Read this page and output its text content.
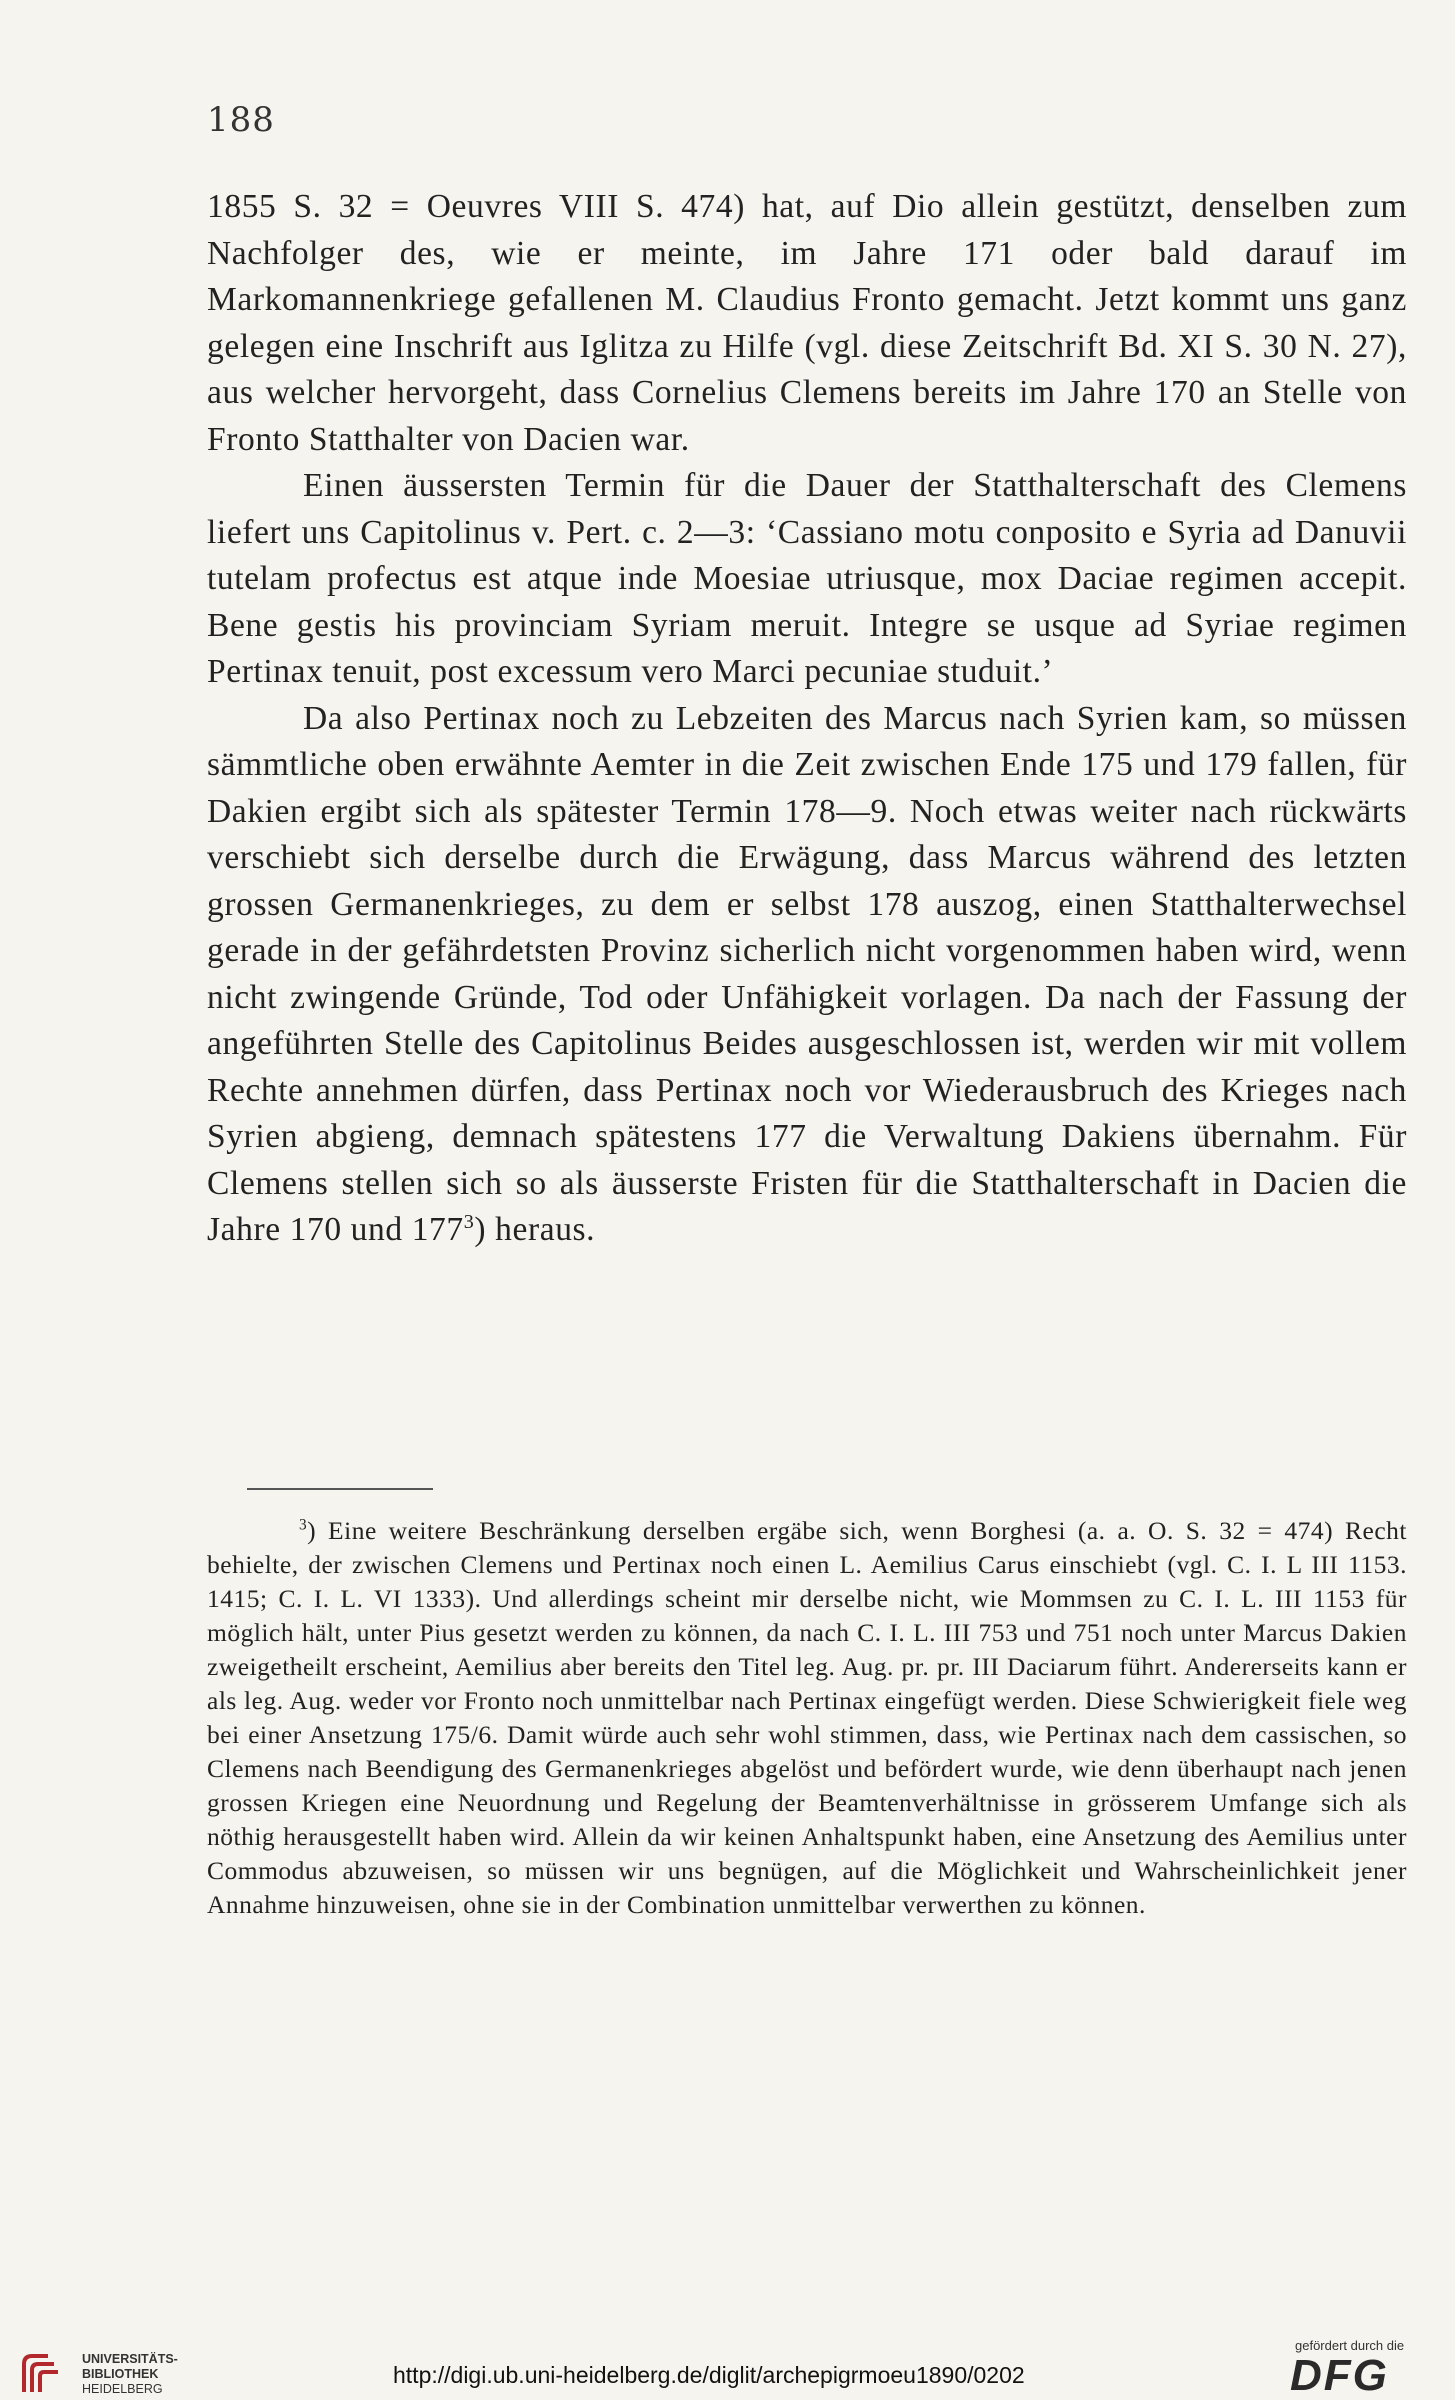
188

1855 S. 32 = Oeuvres VIII S. 474) hat, auf Dio allein gestützt, denselben zum Nachfolger des, wie er meinte, im Jahre 171 oder bald darauf im Markomannenkriege gefallenen M. Claudius Fronto gemacht. Jetzt kommt uns ganz gelegen eine Inschrift aus Iglitza zu Hilfe (vgl. diese Zeitschrift Bd. XI S. 30 N. 27), aus welcher hervorgeht, dass Cornelius Clemens bereits im Jahre 170 an Stelle von Fronto Statthalter von Dacien war.

Einen äussersten Termin für die Dauer der Statthalterschaft des Clemens liefert uns Capitolinus v. Pert. c. 2—3: ‘Cassiano motu conposito e Syria ad Danuvii tutelam profectus est atque inde Moesiae utriusque, mox Daciae regimen accepit. Bene gestis his provinciam Syriam meruit. Integre se usque ad Syriae regimen Pertinax tenuit, post excessum vero Marci pecuniae studuit.’

Da also Pertinax noch zu Lebzeiten des Marcus nach Syrien kam, so müssen sämmtliche oben erwähnte Aemter in die Zeit zwischen Ende 175 und 179 fallen, für Dakien ergibt sich als spätester Termin 178—9. Noch etwas weiter nach rückwärts verschiebt sich derselbe durch die Erwägung, dass Marcus während des letzten grossen Germanenkrieges, zu dem er selbst 178 auszog, einen Statthalterwechsel gerade in der gefährdetsten Provinz sicherlich nicht vorgenommen haben wird, wenn nicht zwingende Gründe, Tod oder Unfähigkeit vorlagen. Da nach der Fassung der angeführten Stelle des Capitolinus Beides ausgeschlossen ist, werden wir mit vollem Rechte annehmen dürfen, dass Pertinax noch vor Wiederausbruch des Krieges nach Syrien abgieng, demnach spätestens 177 die Verwaltung Dakiens übernahm. Für Clemens stellen sich so als äusserste Fristen für die Statthalterschaft in Dacien die Jahre 170 und $177^3$) heraus.

$^3$) Eine weitere Beschränkung derselben ergäbe sich, wenn Borghesi (a. a. O. S. 32 = 474) Recht behielte, der zwischen Clemens und Pertinax noch einen L. Aemilius Carus einschiebt (vgl. C. I. L III 1153. 1415; C. I. L. VI 1333). Und allerdings scheint mir derselbe nicht, wie Mommsen zu C. I. L. III 1153 für möglich hält, unter Pius gesetzt werden zu können, da nach C. I. L. III 753 und 751 noch unter Marcus Dakien zweigetheilt erscheint, Aemilius aber bereits den Titel leg. Aug. pr. pr. III Daciarum führt. Andererseits kann er als leg. Aug. weder vor Fronto noch unmittelbar nach Pertinax eingefügt werden. Diese Schwierigkeit fiele weg bei einer Ansetzung 175/6. Damit würde auch sehr wohl stimmen, dass, wie Pertinax nach dem cassischen, so Clemens nach Beendigung des Germanenkrieges abgelöst und befördert wurde, wie denn überhaupt nach jenen grossen Kriegen eine Neuordnung und Regelung der Beamtenverhältnisse in grösserem Umfange sich als nöthig herausgestellt haben wird. Allein da wir keinen Anhaltspunkt haben, eine Ansetzung des Aemilius unter Commodus abzuweisen, so müssen wir uns begnügen, auf die Möglichkeit und Wahrscheinlichkeit jener Annahme hinzuweisen, ohne sie in der Combination unmittelbar verwerthen zu können.
UNIVERSITÄTS-
BIBLIOTHEK
HEIDELBERG
http://digi.ub.uni-heidelberg.de/diglit/archepigrmoeu1890/0202
gefördert durch die
DFG
